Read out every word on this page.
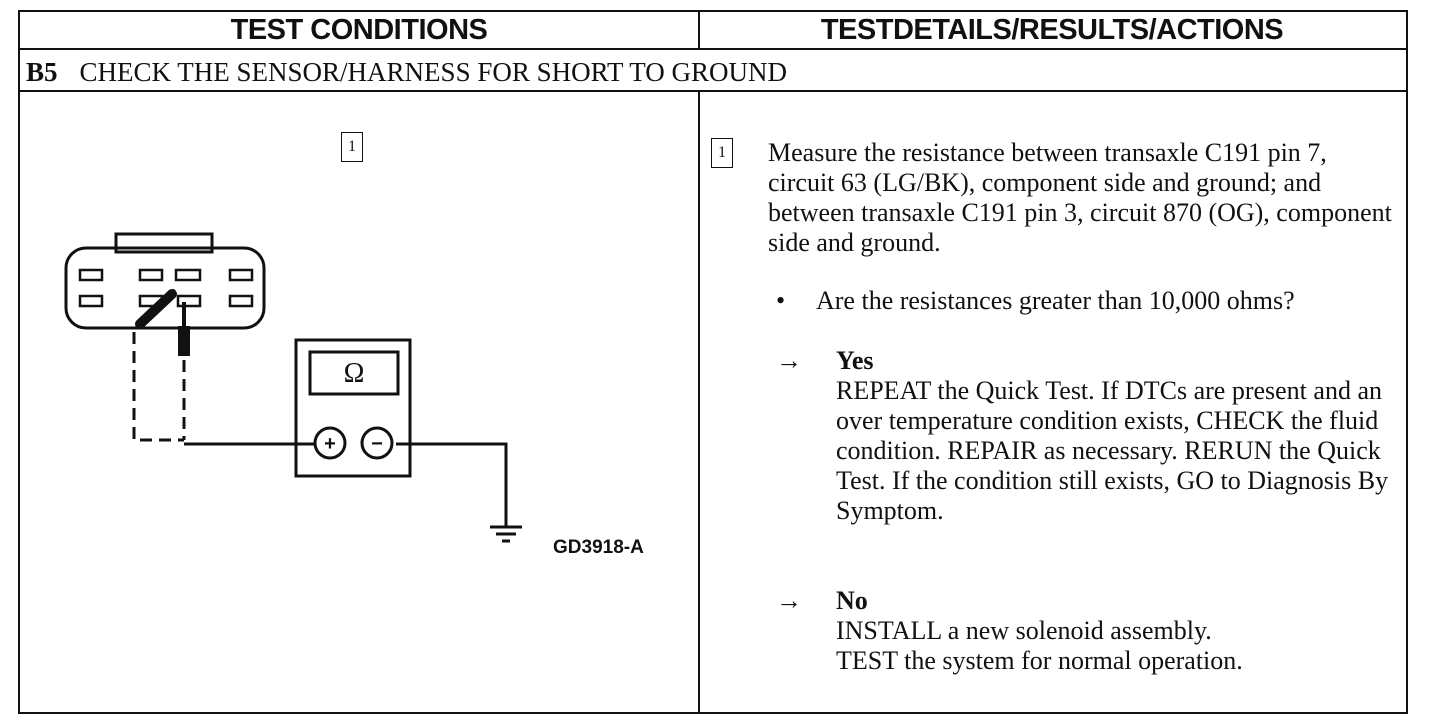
TEST CONDITIONS	TESTDETAILS/RESULTS/ACTIONS
B5 CHECK THE SENSOR/HARNESS FOR SHORT TO GROUND
1
Ω
+ −
GD3918-A
1 Measure the resistance between transaxle C191 pin 7, circuit 63 (LG/BK), component side and ground; and between transaxle C191 pin 3, circuit 870 (OG), component side and ground.
• Are the resistances greater than 10,000 ohms?
→	Yes
REPEAT the Quick Test. If DTCs are present and an over temperature condition exists, CHECK the fluid condition. REPAIR as necessary. RERUN the Quick Test. If the condition still exists, GO to Diagnosis By Symptom.
→	No
INSTALL a new solenoid assembly.
TEST the system for normal operation.
